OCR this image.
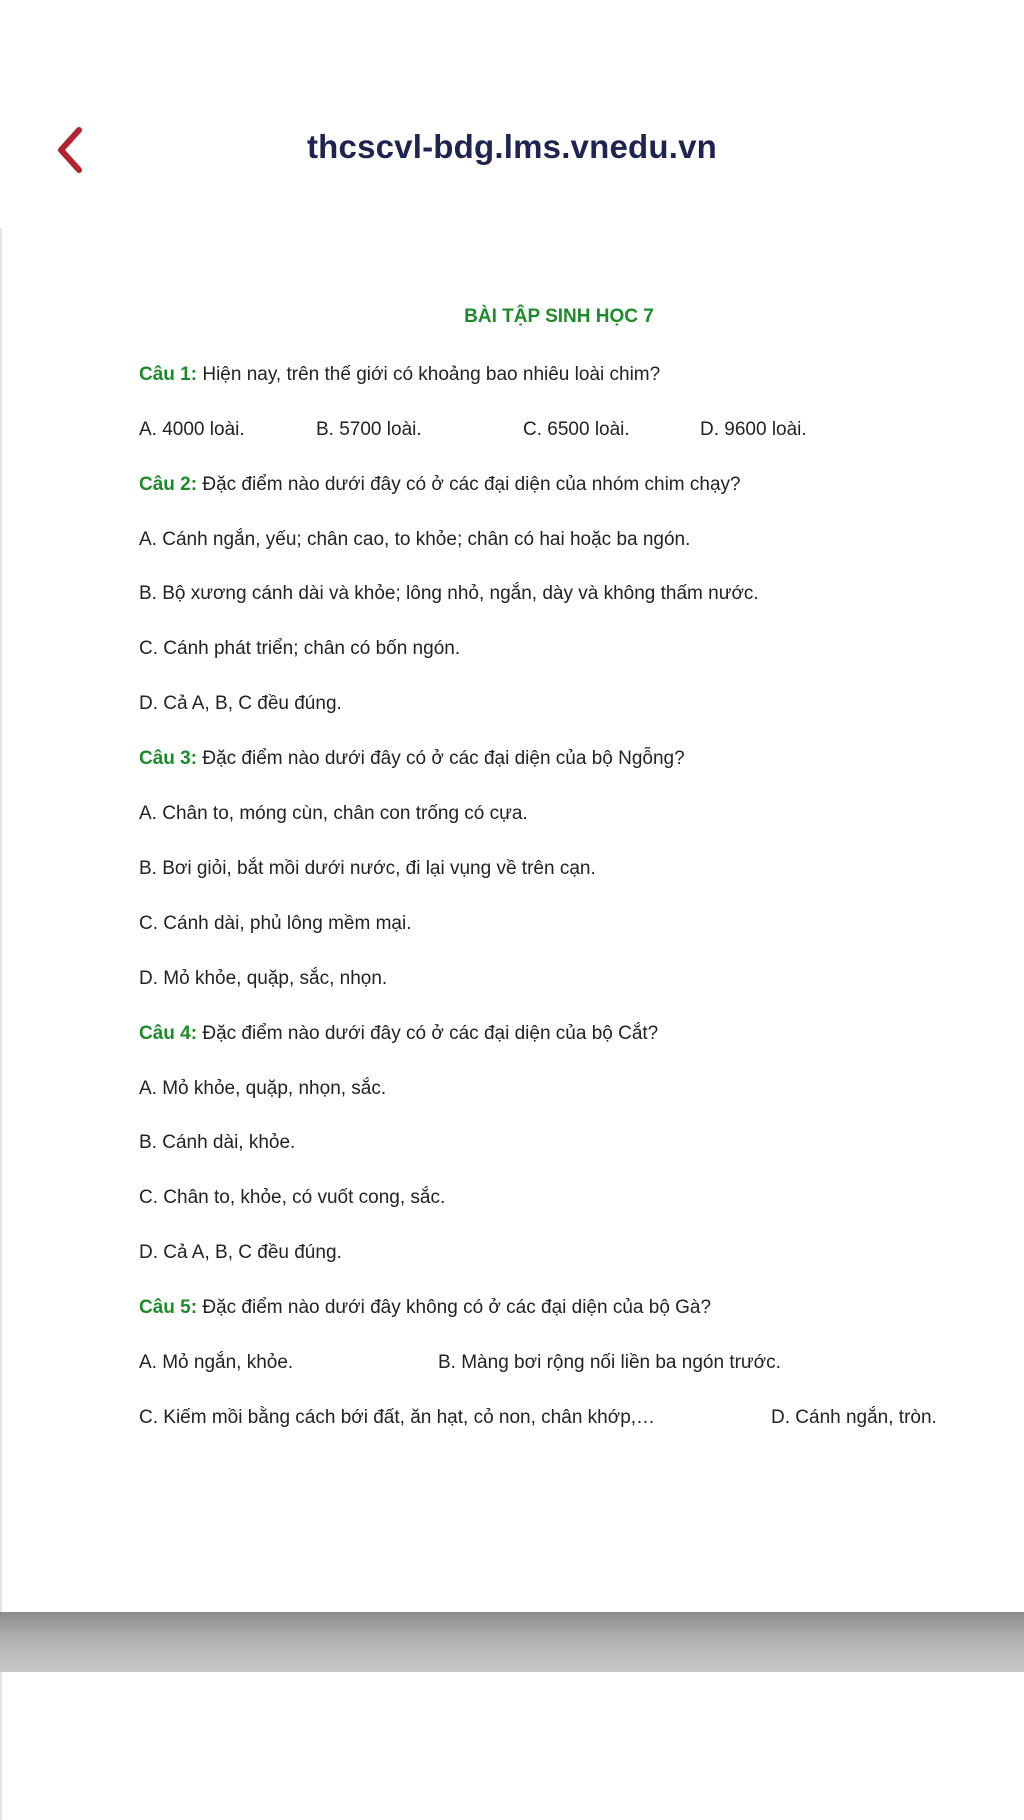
thcscvl-bdg.lms.vnedu.vn
BÀI TẬP SINH HỌC 7
Câu 1: Hiện nay, trên thế giới có khoảng bao nhiêu loài chim?
A. 4000 loài.	B. 5700 loài.	C. 6500 loài.	D. 9600 loài.
Câu 2: Đặc điểm nào dưới đây có ở các đại diện của nhóm chim chạy?
A. Cánh ngắn, yếu; chân cao, to khỏe; chân có hai hoặc ba ngón.
B. Bộ xương cánh dài và khỏe; lông nhỏ, ngắn, dày và không thấm nước.
C. Cánh phát triển; chân có bốn ngón.
D. Cả A, B, C đều đúng.
Câu 3: Đặc điểm nào dưới đây có ở các đại diện của bộ Ngỗng?
A. Chân to, móng cùn, chân con trống có cựa.
B. Bơi giỏi, bắt mồi dưới nước, đi lại vụng về trên cạn.
C. Cánh dài, phủ lông mềm mại.
D. Mỏ khỏe, quặp, sắc, nhọn.
Câu 4: Đặc điểm nào dưới đây có ở các đại diện của bộ Cắt?
A. Mỏ khỏe, quặp, nhọn, sắc.
B. Cánh dài, khỏe.
C. Chân to, khỏe, có vuốt cong, sắc.
D. Cả A, B, C đều đúng.
Câu 5: Đặc điểm nào dưới đây không có ở các đại diện của bộ Gà?
A. Mỏ ngắn, khỏe.	B. Màng bơi rộng nối liền ba ngón trước.
C. Kiếm mồi bằng cách bới đất, ăn hạt, cỏ non, chân khớp,…	D. Cánh ngắn, tròn.
